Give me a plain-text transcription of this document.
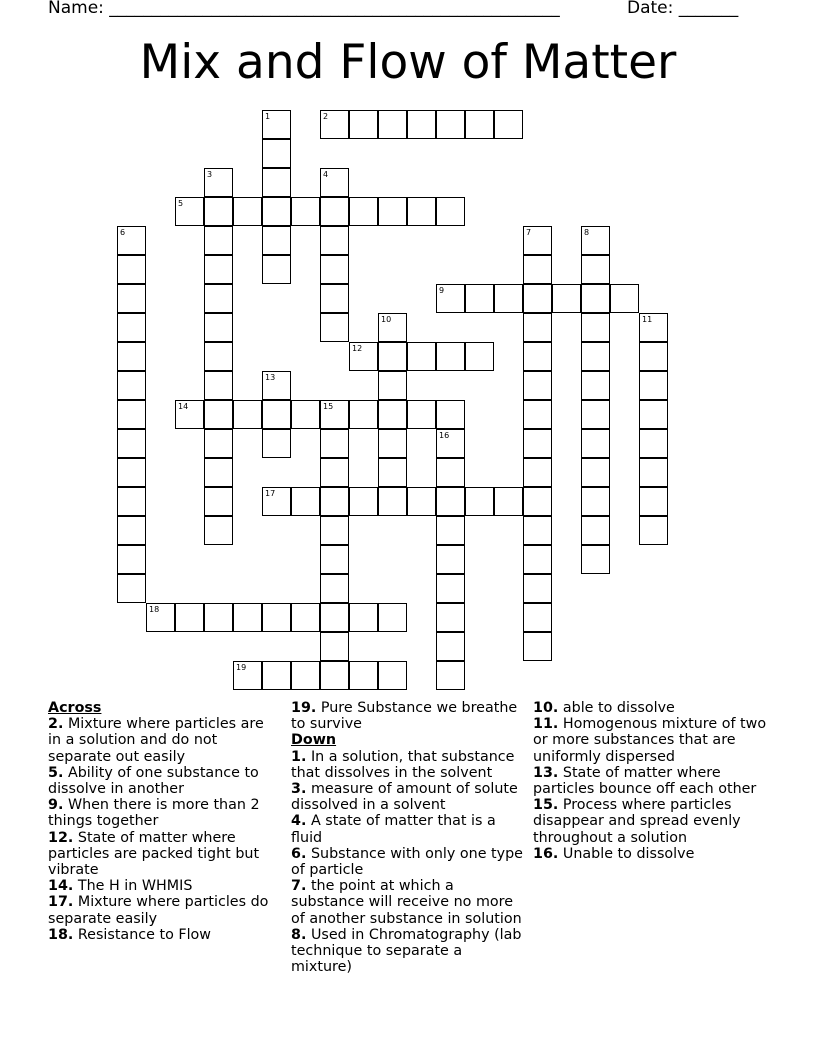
Name: _____________________________________________________	Date: _______
Mix and Flow of Matter
1	2
3	4
5
6	7	8
9
10	11
12
13
14	15
16
17
18
19
Across
2. Mixture where particles are in a solution and do not separate out easily
5. Ability of one substance to dissolve in another
9. When there is more than 2 things together
12. State of matter where particles are packed tight but vibrate
14. The H in WHMIS
17. Mixture where particles do separate easily
18. Resistance to Flow
19. Pure Substance we breathe to survive
Down
1. In a solution, that substance that dissolves in the solvent
3. measure of amount of solute dissolved in a solvent
4. A state of matter that is a fluid
6. Substance with only one type of particle
7. the point at which a substance will receive no more of another substance in solution
8. Used in Chromatography (lab technique to separate a mixture)
10. able to dissolve
11. Homogenous mixture of two or more substances that are uniformly dispersed
13. State of matter where particles bounce off each other
15. Process where particles disappear and spread evenly throughout a solution
16. Unable to dissolve
